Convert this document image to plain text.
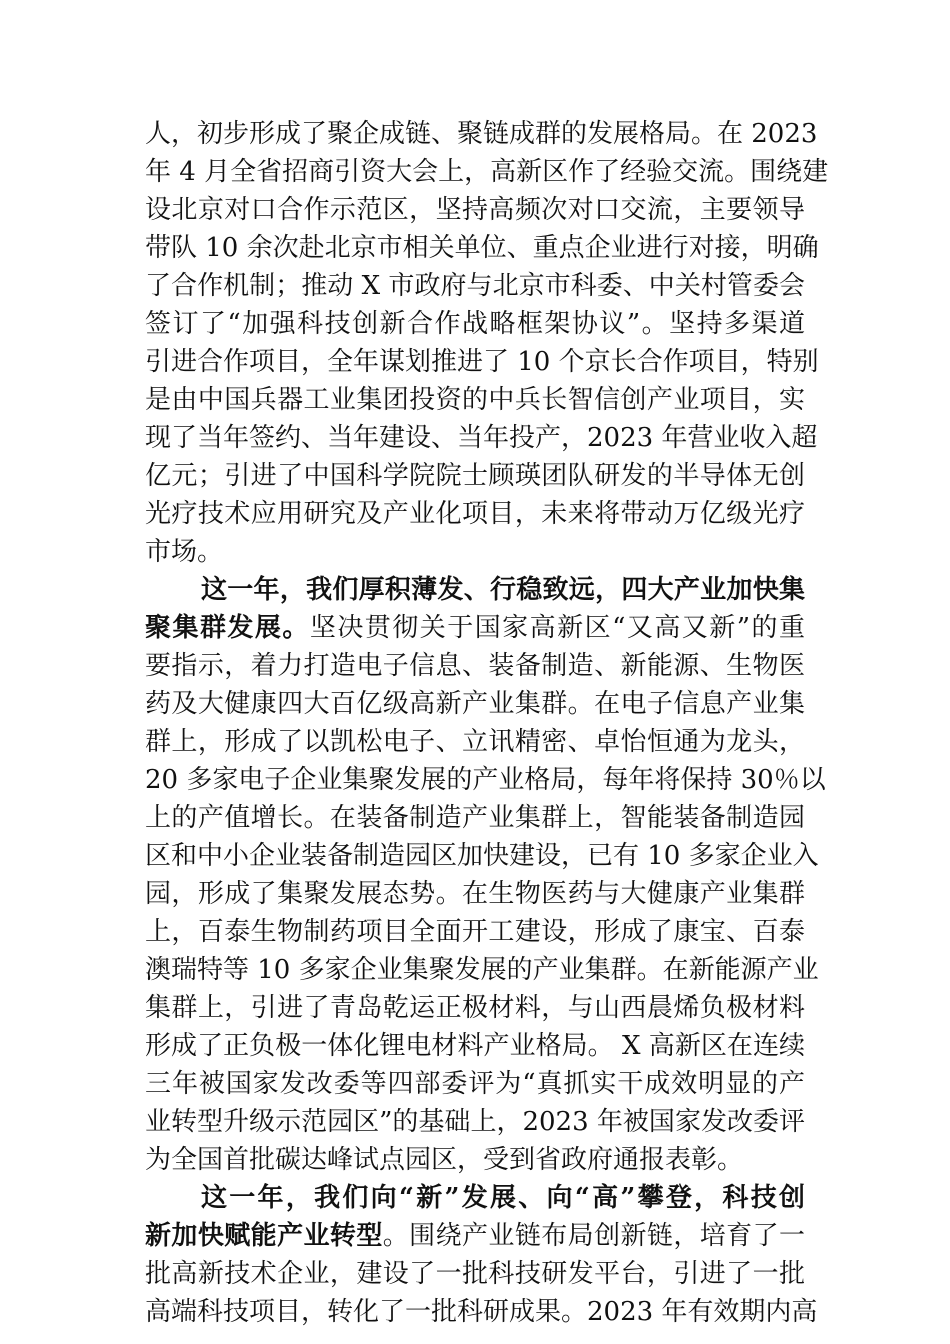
人，初步形成了聚企成链、聚链成群的发展格局。在 2023
年 4 月全省招商引资大会上，高新区作了经验交流。围绕建
设北京对口合作示范区，坚持高频次对口交流，主要领导
带队 10 余次赴北京市相关单位、重点企业进行对接，明确
了合作机制；推动 X 市政府与北京市科委、中关村管委会
签订了“加强科技创新合作战略框架协议”。坚持多渠道
引进合作项目，全年谋划推进了 10 个京长合作项目，特别
是由中国兵器工业集团投资的中兵长智信创产业项目，实
现了当年签约、当年建设、当年投产，2023 年营业收入超
亿元；引进了中国科学院院士顾瑛团队研发的半导体无创
光疗技术应用研究及产业化项目，未来将带动万亿级光疗
市场。
这一年，我们厚积薄发、行稳致远，四大产业加快集
聚集群发展。坚决贯彻关于国家高新区“又高又新”的重
要指示，着力打造电子信息、装备制造、新能源、生物医
药及大健康四大百亿级高新产业集群。在电子信息产业集
群上，形成了以凯松电子、立讯精密、卓怡恒通为龙头，
20 多家电子企业集聚发展的产业格局，每年将保持 30％以
上的产值增长。在装备制造产业集群上，智能装备制造园
区和中小企业装备制造园区加快建设，已有 10 多家企业入
园，形成了集聚发展态势。在生物医药与大健康产业集群
上，百泰生物制药项目全面开工建设，形成了康宝、百泰
澳瑞特等 10 多家企业集聚发展的产业集群。在新能源产业
集群上，引进了青岛乾运正极材料，与山西晨烯负极材料
形成了正负极一体化锂电材料产业格局。 X 高新区在连续
三年被国家发改委等四部委评为“真抓实干成效明显的产
业转型升级示范园区”的基础上，2023 年被国家发改委评
为全国首批碳达峰试点园区，受到省政府通报表彰。
这一年，我们向“新”发展、向“高”攀登，科技创
新加快赋能产业转型。围绕产业链布局创新链，培育了一
批高新技术企业，建设了一批科技研发平台，引进了一批
高端科技项目，转化了一批科研成果。2023 年有效期内高
